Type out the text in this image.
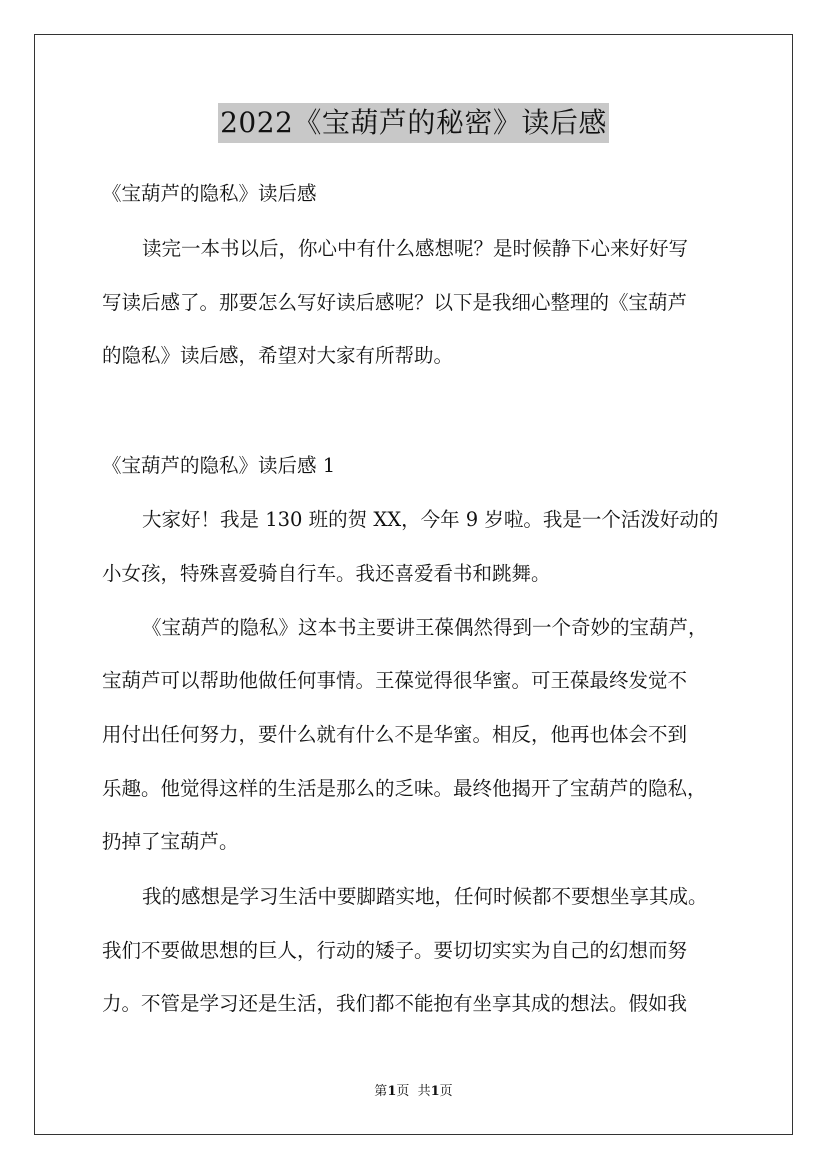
2022《宝葫芦的秘密》读后感
《宝葫芦的隐私》读后感
读完一本书以后，你心中有什么感想呢？是时候静下心来好好写
写读后感了。那要怎么写好读后感呢？以下是我细心整理的《宝葫芦
的隐私》读后感，希望对大家有所帮助。
《宝葫芦的隐私》读后感 1
大家好！我是 130 班的贺 XX，今年 9 岁啦。我是一个活泼好动的
小女孩，特殊喜爱骑自行车。我还喜爱看书和跳舞。
《宝葫芦的隐私》这本书主要讲王葆偶然得到一个奇妙的宝葫芦，
宝葫芦可以帮助他做任何事情。王葆觉得很华蜜。可王葆最终发觉不
用付出任何努力，要什么就有什么不是华蜜。相反，他再也体会不到
乐趣。他觉得这样的生活是那么的乏味。最终他揭开了宝葫芦的隐私，
扔掉了宝葫芦。
我的感想是学习生活中要脚踏实地，任何时候都不要想坐享其成。
我们不要做思想的巨人，行动的矮子。要切切实实为自己的幻想而努
力。不管是学习还是生活，我们都不能抱有坐享其成的想法。假如我
第1页  共1页
